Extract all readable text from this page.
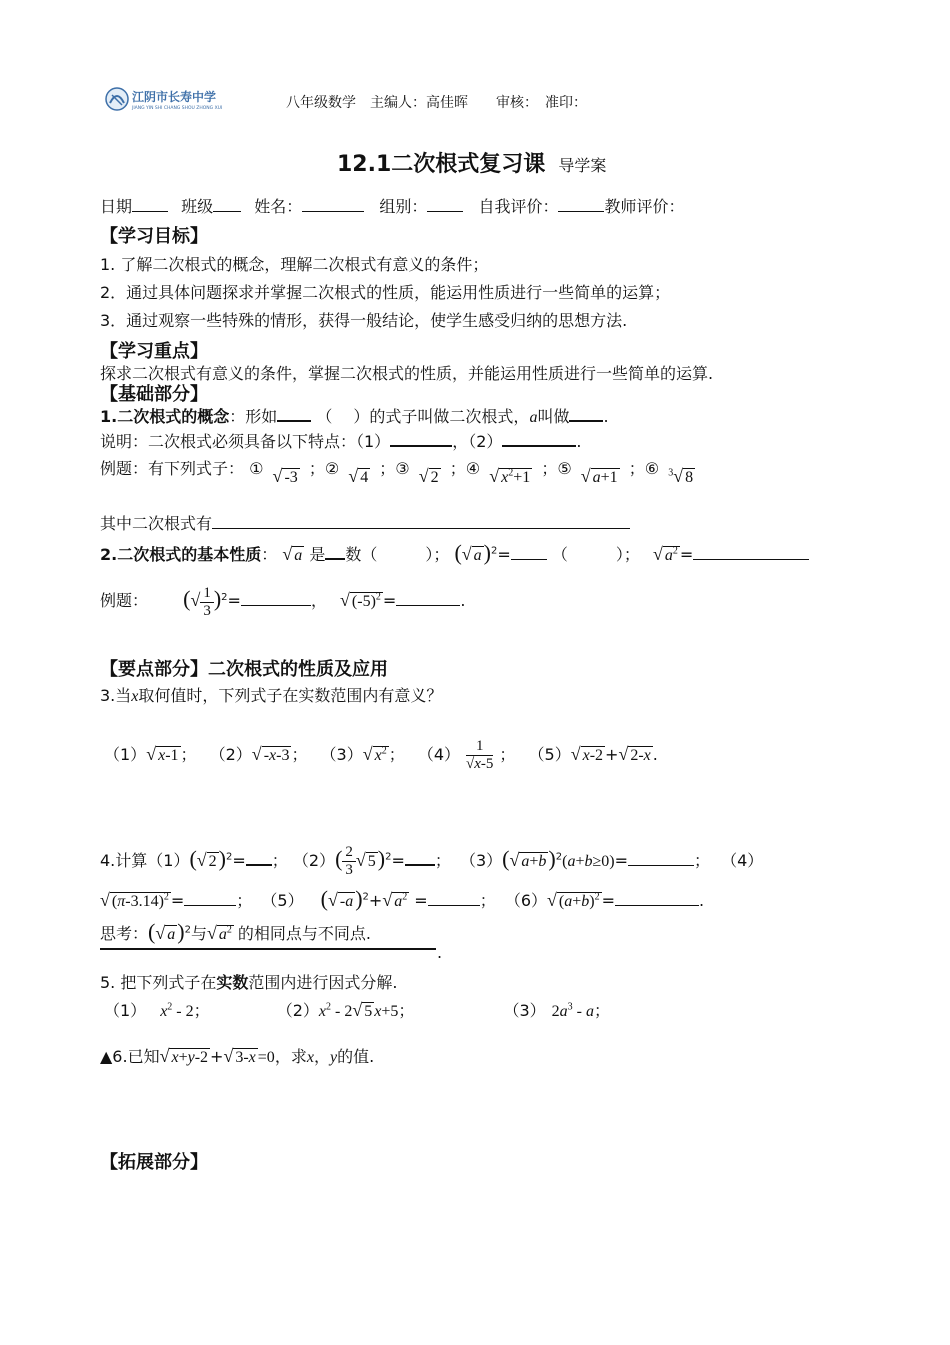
江阴市长寿中学
JIANG YIN SHI CHANG SHOU ZHONG XUE	八年级数学　主编人：高佳晖　　审核：　准印：
12.1二次根式复习课 导学案
日期	班级	姓名：	组别：	自我评价：	教师评价：
【学习目标】
1. 了解二次根式的概念，理解二次根式有意义的条件；
2．通过具体问题探求并掌握二次根式的性质，能运用性质进行一些简单的运算；
3．通过观察一些特殊的情形，获得一般结论，使学生感受归纳的思想方法.
【学习重点】
探求二次根式有意义的条件，掌握二次根式的性质，并能运用性质进行一些简单的运算.
【基础部分】
1.二次根式的概念：形如 （　 ）的式子叫做二次根式，a叫做 .
说明：二次根式必须具备以下特点：（1）	，（2）	.
例题：有下列式子： ① √ -3 ；② √ 4 ；③ √ 2 ；④ √ $x^2+1$ ；⑤ √ a+1 ；⑥ $^3$√ 8
其中二次根式有
2.二次根式的基本性质： √ a 是 数（　　　）； (√ a)$^2$=	（　　　）； √ $a^2$ =
例题： (√ $\frac{1}{3} )^2=$	， √ $(-5)^2$ =	.
【要点部分】二次根式的性质及应用
3.当x取何值时，下列式子在实数范围内有意义？
（1）√ x-1 ； （2）√ -x-3 ； （3）√ $x^2$ ； $(4) \frac{1}{√x-5}$ ； （5）√ x-2 +√ 2-x .
4.计算（1）(√ 2)$^2$= ； $(2)( \frac{2}{3}$ √ 5)$^2$= ； （3）(√ a+b)$^2$(a+b≥0)=	； （4）
√ $(\pi-3.14)^2$ =	； （5） (√ -a)$^2$+√ $a^2$ =	； （6）√ $(a+b)^2$ =	.
思考：(√ a)$^2$与√ $a^2$ 的相同点与不同点.
.
5. 把下列式子在实数范围内进行因式分解.
（1） $x^2 - 2$；	$(2)x^2 - 2√$ 5 x+5；	（3） $2a^3$ - a；
▲6.已知√ x+y-2 +√ 3-x =0，求x，y的值.
【拓展部分】
